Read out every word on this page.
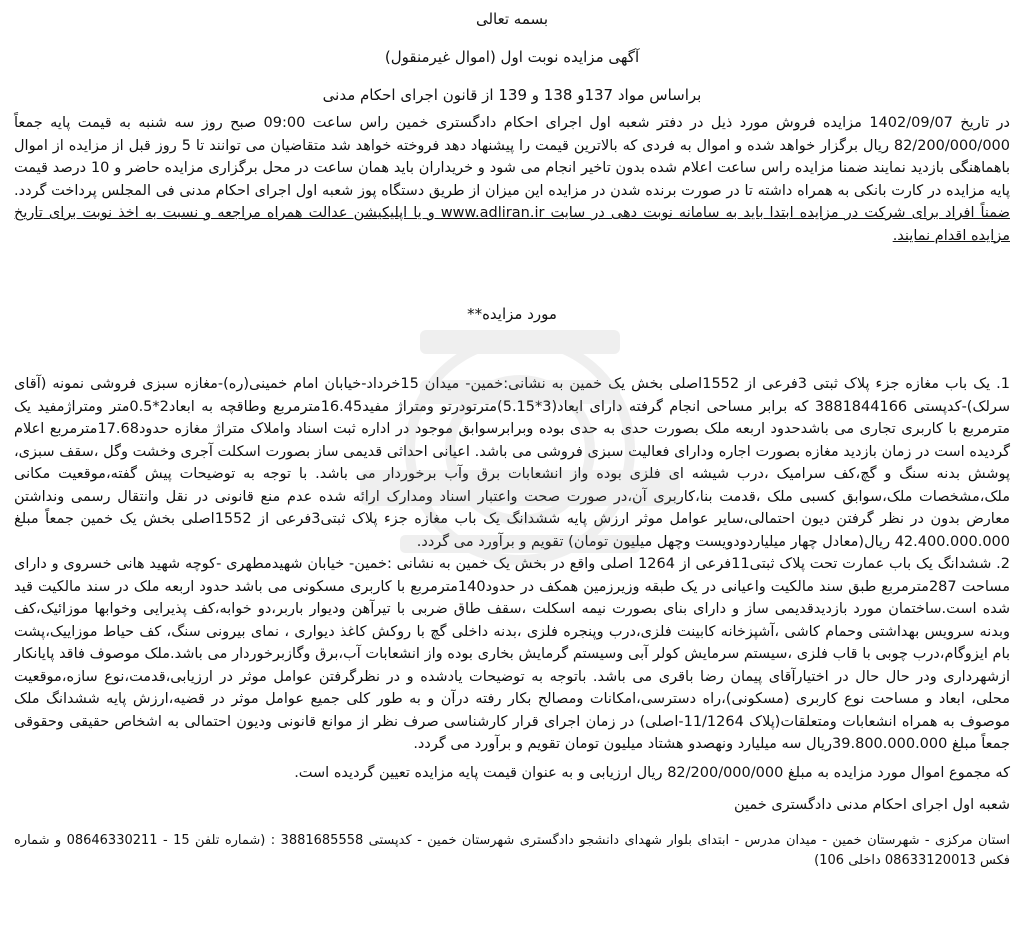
بسمه تعالی

آگهی مزایده نوبت اول (اموال غیرمنقول)

براساس مواد 137و 138 و 139 از قانون اجرای احکام مدنی

در تاریخ 1402/09/07 مزایده فروش مورد ذیل در دفتر شعبه اول اجرای احکام دادگستری خمین راس ساعت 09:00 صبح روز سه شنبه به قیمت پایه جمعاً 82/200/000/000 ریال برگزار خواهد شده و اموال به فردی که بالاترین قیمت را پیشنهاد دهد فروخته خواهد شد متقاضیان می توانند تا 5 روز قبل از مزایده از اموال باهماهنگی بازدید نمایند ضمنا مزایده راس ساعت اعلام شده بدون تاخیر انجام می شود و خریداران باید همان ساعت در محل برگزاری مزایده حاضر و 10 درصد قیمت پایه مزایده در کارت بانکی به همراه داشته تا در صورت برنده شدن در مزایده این میزان از طریق دستگاه پوز شعبه اول اجرای احکام مدنی فی المجلس پرداخت گردد. ضمناً افراد برای شرکت در مزایده ابتدا باید به سامانه نوبت دهی در سایت www.adliran.ir و یا اپلیکیشن عدالت همراه مراجعه و نسبت به اخذ نوبت برای تاریخ مزایده اقدام نمایند.

مورد مزایده**

1. یک باب مغازه جزء پلاک ثبتی 3فرعی از 1552اصلی بخش یک خمین به نشانی:خمین- میدان 15خرداد-خیابان امام خمینی(ره)-مغازه سبزی فروشی نمونه (آقای سرلک)-کدپستی 3881844166 که برابر مساحی انجام گرفته دارای ابعاد(3*5.15)مترتودرتو ومتراژ مفید16.45مترمربع وطاقچه به ابعاد2*0.5متر ومتراژمفید یک مترمربع با کاربری تجاری می باشدحدود اربعه ملک بصورت حدی به حدی بوده وبرابرسوابق موجود در اداره ثبت اسناد واملاک متراژ مغازه حدود17.68مترمربع اعلام گردیده است در زمان بازدید مغازه بصورت اجاره ودارای فعالیت سبزی فروشی می باشد. اعیانی احداثی قدیمی ساز بصورت اسکلت آجری وخشت وگل ،سقف سبزی، پوشش بدنه سنگ و گچ،کف سرامیک ،درب شیشه ای فلزی بوده واز انشعابات برق وآب برخوردار می باشد. با توجه به توضیحات پیش گفته،موقعیت مکانی ملک،مشخصات ملک،سوابق کسبی ملک ،قدمت بنا،کاربری آن،در صورت صحت واعتبار اسناد ومدارک ارائه شده عدم منع قانونی در نقل وانتقال رسمی ونداشتن معارض بدون در نظر گرفتن دیون احتمالی،سایر عوامل موثر ارزش پایه ششدانگ یک باب مغازه جزء پلاک ثبتی3فرعی از 1552اصلی بخش یک خمین جمعاً مبلغ 42.400.000.000 ریال(معادل چهار میلیاردودویست وچهل میلیون تومان) تقویم و برآورد می گردد.

2. ششدانگ یک باب عمارت تحت پلاک ثبتی11فرعی از 1264 اصلی واقع در بخش یک خمین به نشانی :خمین- خیابان شهیدمطهری -کوچه شهید هانی خسروی و دارای مساحت 287مترمربع طبق سند مالکیت واعیانی در یک طبقه وزیرزمین همکف در حدود140مترمربع با کاربری مسکونی می باشد حدود اربعه ملک در سند مالکیت قید شده است.ساختمان مورد بازدیدقدیمی ساز و دارای بنای بصورت نیمه اسکلت ،سقف طاق ضربی با تیرآهن وديوار باربر،دو خوابه،کف پذیرایی وخوابها موزائیک،کف وبدنه سرویس بهداشتی وحمام کاشی ،آشپزخانه کابینت فلزی،درب وپنجره فلزی ،بدنه داخلی گچ با روکش کاغذ دیواری ، نمای بیرونی سنگ، کف حیاط موزاییک،پشت بام ایزوگام،درب چوبی با قاب فلزی ،سیستم سرمایش کولر آبی وسیستم گرمایش بخاری بوده واز انشعابات آب،برق وگازبرخوردار می باشد.ملک موصوف فاقد پایانکار ازشهرداری ودر حال حال در اختیارآقای پیمان رضا باقری می باشد. باتوجه به توضیحات یادشده و در نظرگرفتن عوامل موثر در ارزیابی،قدمت،نوع سازه،موقعیت محلی، ابعاد و مساحت نوع کاربری (مسکونی)،راه دسترسی،امکانات ومصالح بکار رفته درآن و به طور کلی جمیع عوامل موثر در قضیه،ارزش پایه ششدانگ ملک موصوف به همراه انشعابات ومتعلقات(پلاک 11/1264-اصلی) در زمان اجرای قرار کارشناسی صرف نظر از موانع قانونی ودیون احتمالی به اشخاص حقیقی وحقوقی جمعاً مبلغ 39.800.000.000ریال سه میلیارد ونهصدو هشتاد میلیون تومان تقویم و برآورد می گردد.

که مجموع اموال مورد مزایده به مبلغ 82/200/000/000 ریال ارزیابی و به عنوان قیمت پایه مزایده تعیین گردیده است.

شعبه اول اجرای احکام مدنی دادگستری خمین

استان مرکزی - شهرستان خمین - میدان مدرس - ابتدای بلوار شهدای دانشجو دادگستری شهرستان خمین - کدپستی 3881685558 : (شماره تلفن 15 - 08646330211 و شماره فکس 08633120013 داخلی 106)
